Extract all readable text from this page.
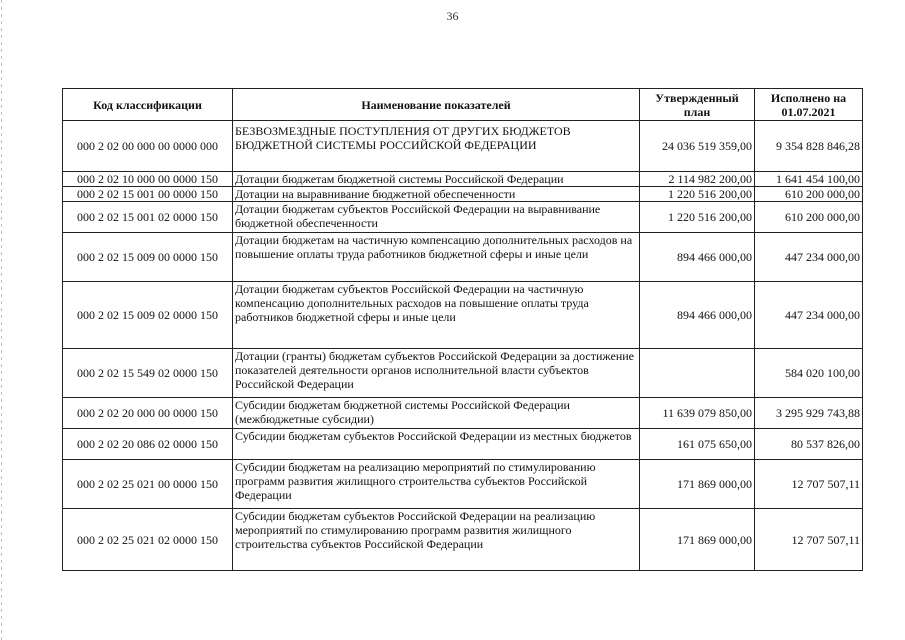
36
Код классификации	Наименование показателей	Утвержденный план	Исполнено на 01.07.2021
000 2 02 00 000 00 0000 000	БЕЗВОЗМЕЗДНЫЕ ПОСТУПЛЕНИЯ ОТ ДРУГИХ БЮДЖЕТОВ БЮДЖЕТНОЙ СИСТЕМЫ РОССИЙСКОЙ ФЕДЕРАЦИИ	24 036 519 359,00	9 354 828 846,28
000 2 02 10 000 00 0000 150	Дотации бюджетам бюджетной системы Российской Федерации	2 114 982 200,00	1 641 454 100,00
000 2 02 15 001 00 0000 150	Дотации на выравнивание бюджетной обеспеченности	1 220 516 200,00	610 200 000,00
000 2 02 15 001 02 0000 150	Дотации бюджетам субъектов Российской Федерации на выравнивание бюджетной обеспеченности	1 220 516 200,00	610 200 000,00
000 2 02 15 009 00 0000 150	Дотации бюджетам на частичную компенсацию дополнительных расходов на повышение оплаты труда работников бюджетной сферы и иные цели	894 466 000,00	447 234 000,00
000 2 02 15 009 02 0000 150	Дотации бюджетам субъектов Российской Федерации на частичную компенсацию дополнительных расходов на повышение оплаты труда работников бюджетной сферы и иные цели	894 466 000,00	447 234 000,00
000 2 02 15 549 02 0000 150	Дотации (гранты) бюджетам субъектов Российской Федерации за достижение показателей деятельности органов исполнительной власти субъектов Российской Федерации		584 020 100,00
000 2 02 20 000 00 0000 150	Субсидии бюджетам бюджетной системы Российской Федерации (межбюджетные субсидии)	11 639 079 850,00	3 295 929 743,88
000 2 02 20 086 02 0000 150	Субсидии бюджетам субъектов Российской Федерации из местных бюджетов	161 075 650,00	80 537 826,00
000 2 02 25 021 00 0000 150	Субсидии бюджетам на реализацию мероприятий по стимулированию программ развития жилищного строительства субъектов Российской Федерации	171 869 000,00	12 707 507,11
000 2 02 25 021 02 0000 150	Субсидии бюджетам субъектов Российской Федерации на реализацию мероприятий по стимулированию программ развития жилищного строительства субъектов Российской Федерации	171 869 000,00	12 707 507,11
